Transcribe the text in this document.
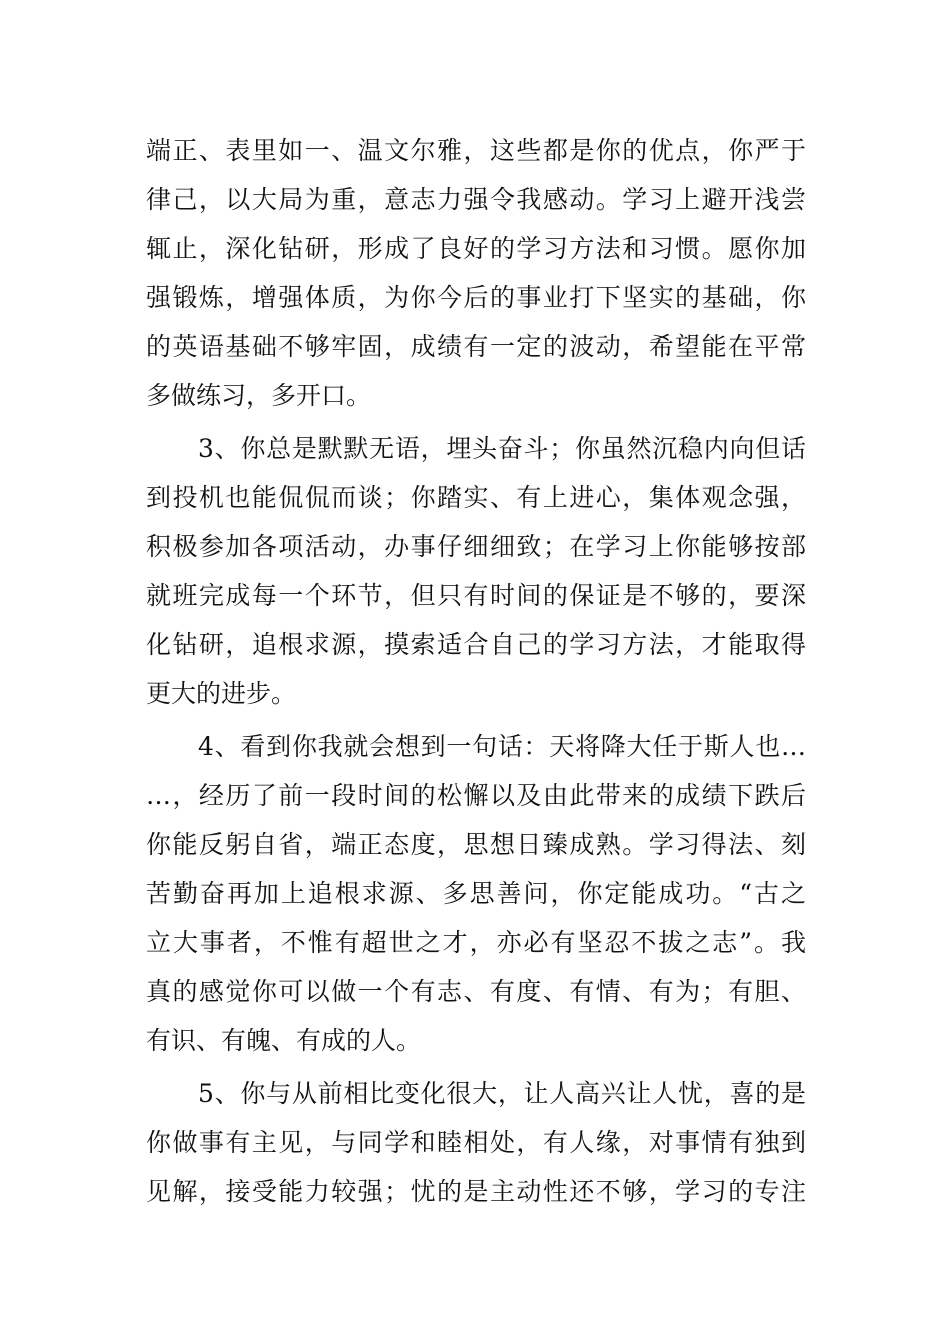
端正、表里如一、温文尔雅，这些都是你的优点，你严于
律己，以大局为重，意志力强令我感动。学习上避开浅尝
辄止，深化钻研，形成了良好的学习方法和习惯。愿你加
强锻炼，增强体质，为你今后的事业打下坚实的基础，你
的英语基础不够牢固，成绩有一定的波动，希望能在平常
多做练习，多开口。
3、你总是默默无语，埋头奋斗；你虽然沉稳内向但话
到投机也能侃侃而谈；你踏实、有上进心，集体观念强，
积极参加各项活动，办事仔细细致；在学习上你能够按部
就班完成每一个环节，但只有时间的保证是不够的，要深
化钻研，追根求源，摸索适合自己的学习方法，才能取得
更大的进步。
4、看到你我就会想到一句话：天将降大任于斯人也…
…，经历了前一段时间的松懈以及由此带来的成绩下跌后
你能反躬自省，端正态度，思想日臻成熟。学习得法、刻
苦勤奋再加上追根求源、多思善问，你定能成功。“古之
立大事者，不惟有超世之才，亦必有坚忍不拔之志”。我
真的感觉你可以做一个有志、有度、有情、有为；有胆、
有识、有魄、有成的人。
5、你与从前相比变化很大，让人高兴让人忧，喜的是
你做事有主见，与同学和睦相处，有人缘，对事情有独到
见解，接受能力较强；忧的是主动性还不够，学习的专注
